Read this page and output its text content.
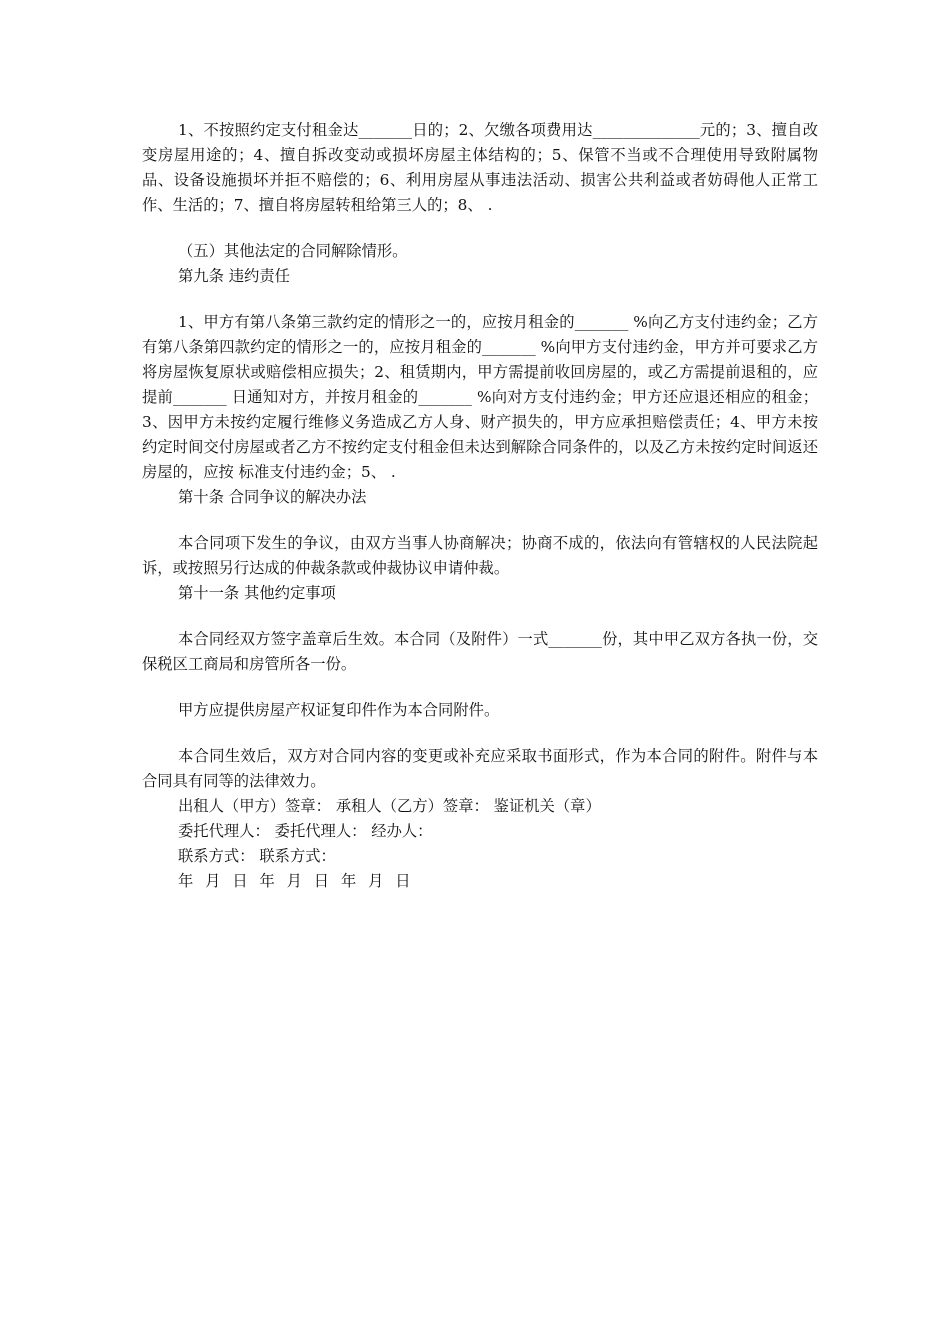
1、不按照约定支付租金达_______日的；2、欠缴各项费用达______________元的；3、擅自改变房屋用途的；4、擅自拆改变动或损坏房屋主体结构的；5、保管不当或不合理使用导致附属物品、设备设施损坏并拒不赔偿的；6、利用房屋从事违法活动、损害公共利益或者妨碍他人正常工作、生活的；7、擅自将房屋转租给第三人的；8、 .

（五）其他法定的合同解除情形。

第九条 违约责任

1、甲方有第八条第三款约定的情形之一的，应按月租金的_______ %向乙方支付违约金；乙方有第八条第四款约定的情形之一的，应按月租金的_______ %向甲方支付违约金，甲方并可要求乙方将房屋恢复原状或赔偿相应损失；2、租赁期内，甲方需提前收回房屋的，或乙方需提前退租的，应提前_______ 日通知对方，并按月租金的_______ %向对方支付违约金；甲方还应退还相应的租金；3、因甲方未按约定履行维修义务造成乙方人身、财产损失的，甲方应承担赔偿责任；4、甲方未按约定时间交付房屋或者乙方不按约定支付租金但未达到解除合同条件的，以及乙方未按约定时间返还房屋的，应按 标准支付违约金；5、 .

第十条 合同争议的解决办法

本合同项下发生的争议，由双方当事人协商解决；协商不成的，依法向有管辖权的人民法院起诉，或按照另行达成的仲裁条款或仲裁协议申请仲裁。

第十一条 其他约定事项

本合同经双方签字盖章后生效。本合同（及附件）一式_______份，其中甲乙双方各执一份，交保税区工商局和房管所各一份。

甲方应提供房屋产权证复印件作为本合同附件。

本合同生效后，双方对合同内容的变更或补充应采取书面形式，作为本合同的附件。附件与本合同具有同等的法律效力。

出租人（甲方）签章： 承租人（乙方）签章： 鉴证机关（章）

委托代理人： 委托代理人： 经办人：

联系方式： 联系方式：

年 月 日 年 月 日 年 月 日
